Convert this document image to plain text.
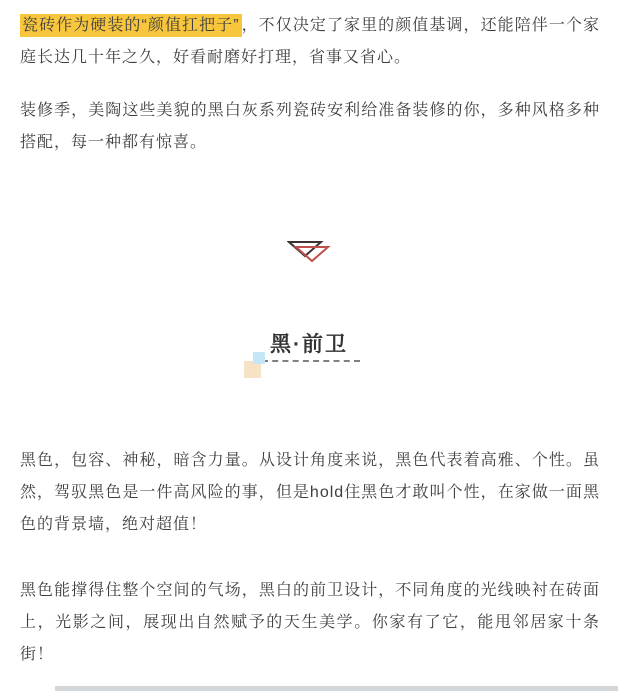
瓷砖作为硬装的“颜值扛把子” ，不仅决定了家里的颜值基调，还能陪伴一个家庭长达几十年之久，好看耐磨好打理，省事又省心。

装修季，美陶这些美貌的黑白灰系列瓷砖安利给准备装修的你，多种风格多种搭配，每一种都有惊喜。

黑·前卫

黑色，包容、神秘，暗含力量。从设计角度来说，黑色代表着高雅、个性。虽然，驾驭黑色是一件高风险的事，但是hold住黑色才敢叫个性，在家做一面黑色的背景墙，绝对超值！

黑色能撑得住整个空间的气场，黑白的前卫设计，不同角度的光线映衬在砖面上，光影之间，展现出自然赋予的天生美学。你家有了它，能甩邻居家十条街！
